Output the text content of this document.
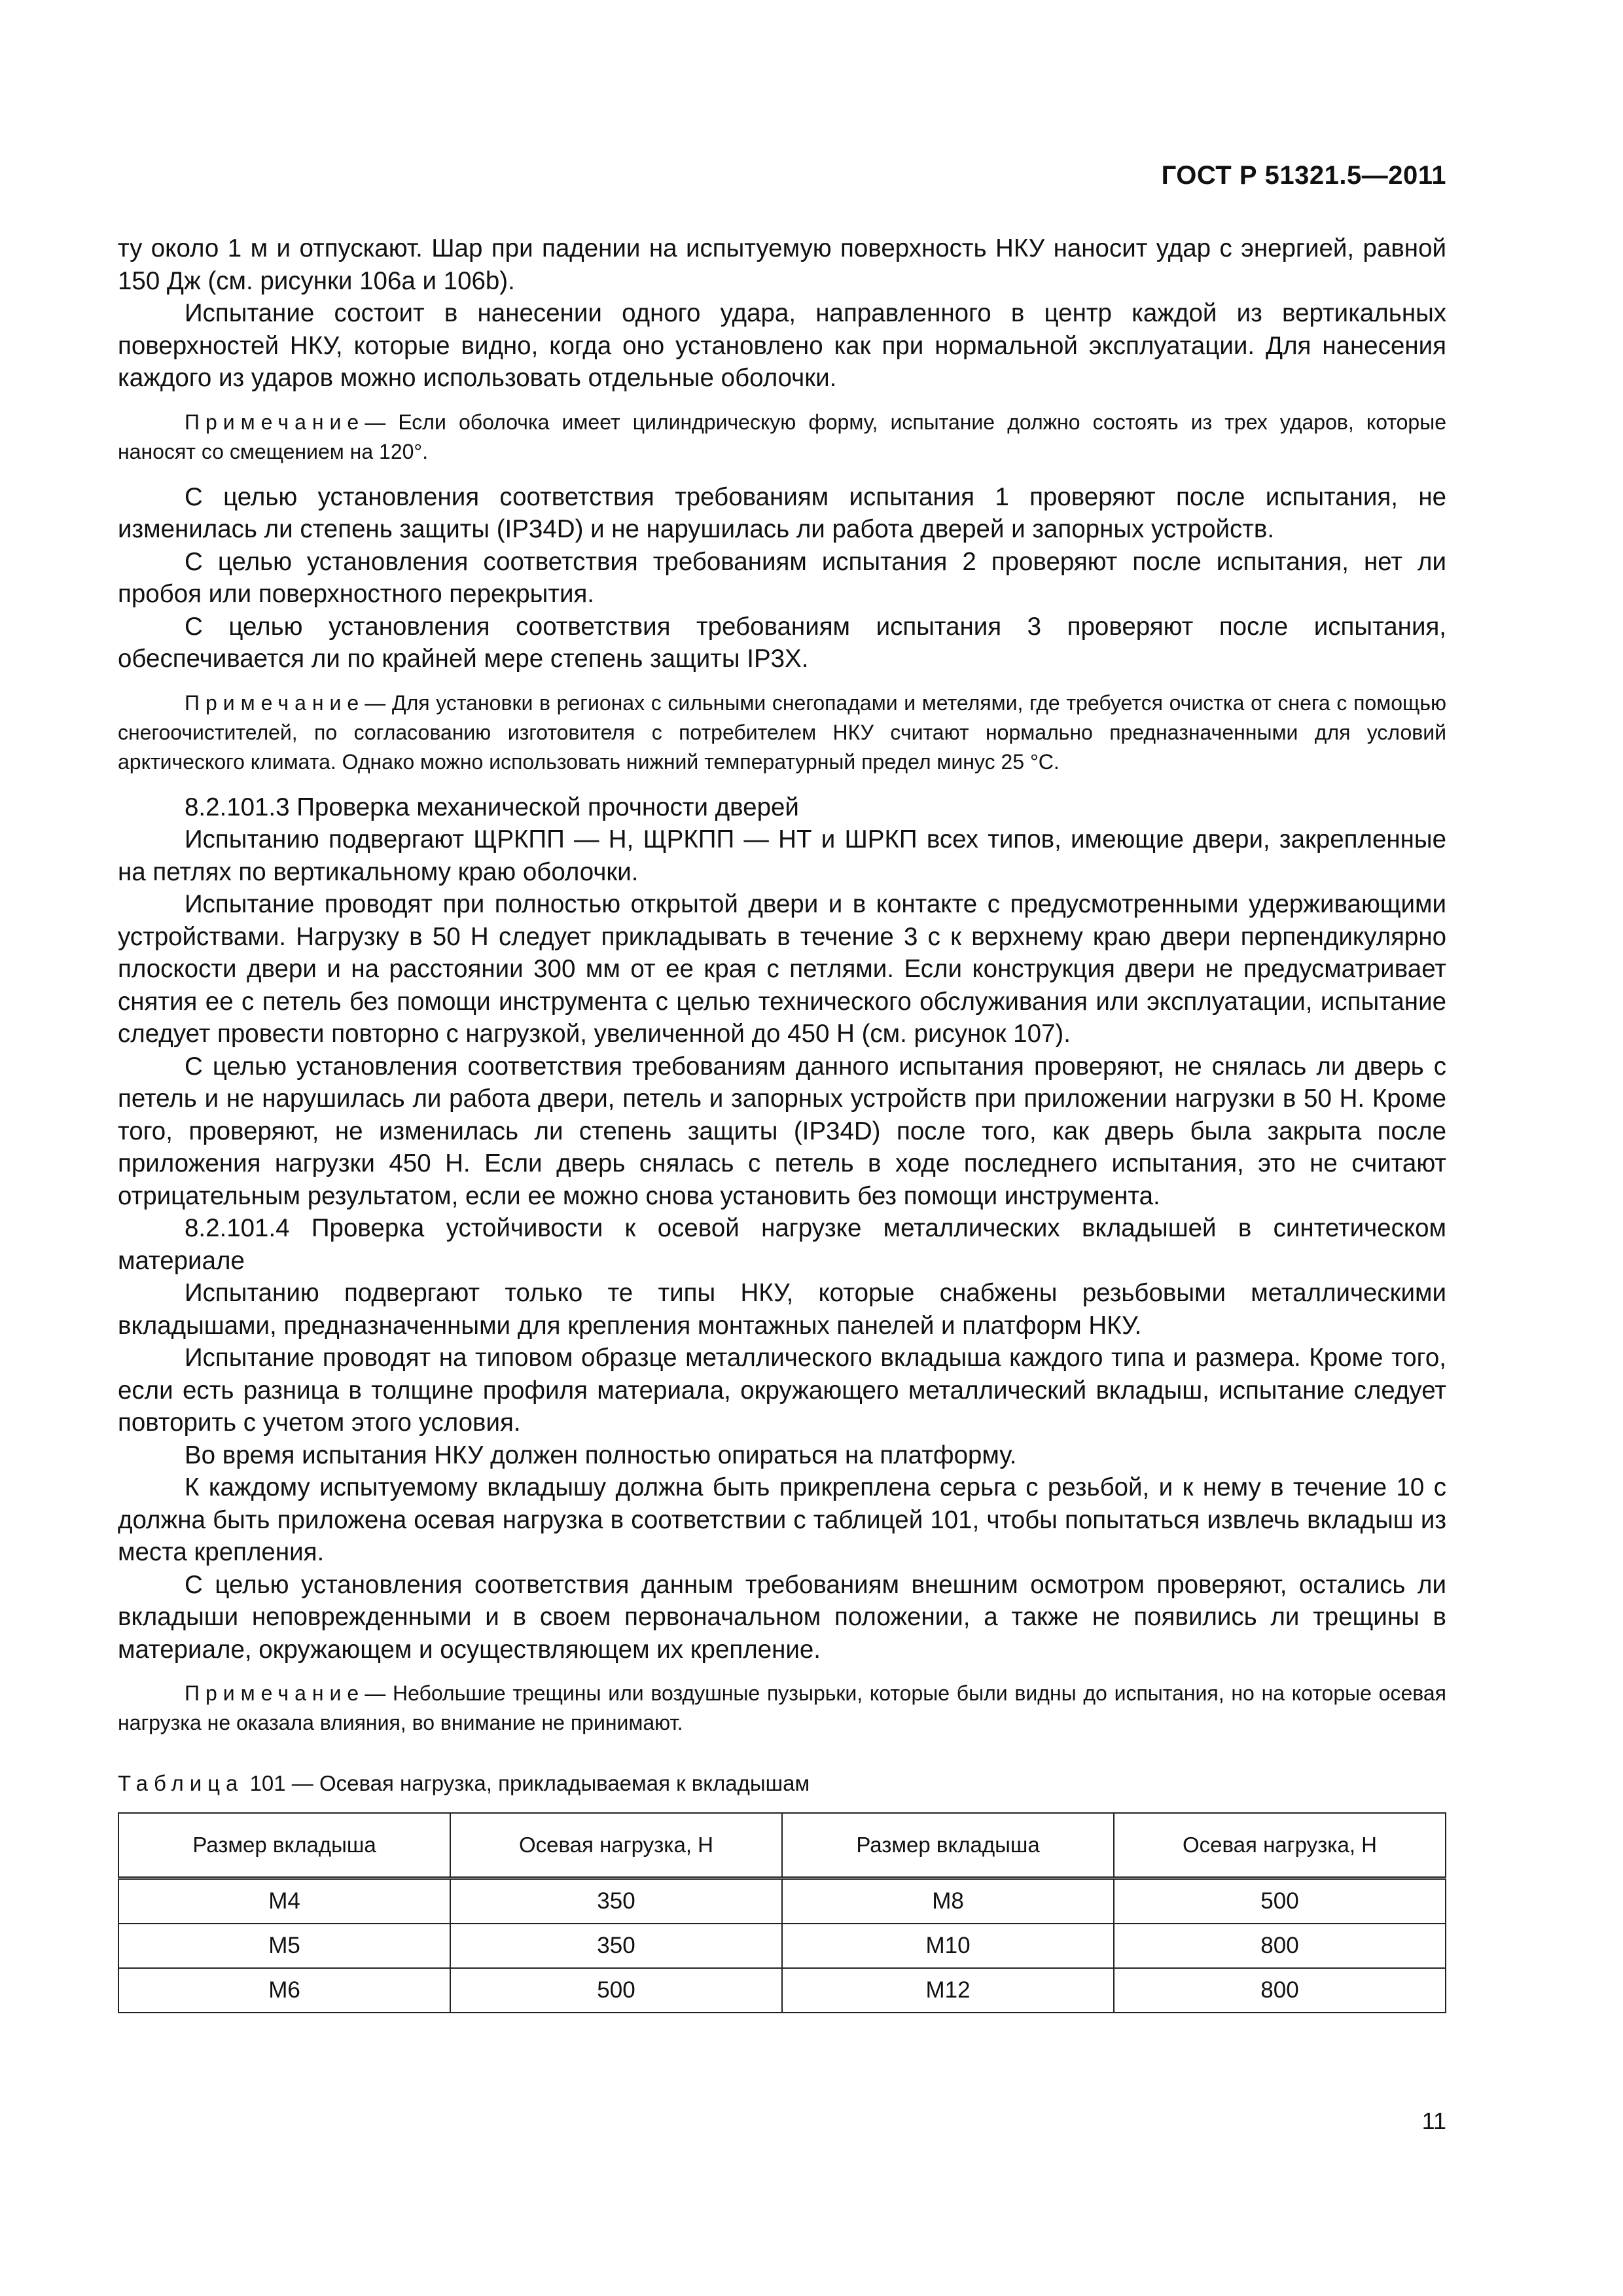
ГОСТ Р 51321.5—2011

ту около 1 м и отпускают. Шар при падении на испытуемую поверхность НКУ наносит удар с энергией, равной 150 Дж (см. рисунки 106а и 106b).

Испытание состоит в нанесении одного удара, направленного в центр каждой из вертикальных поверхностей НКУ, которые видно, когда оно установлено как при нормальной эксплуатации. Для нанесения каждого из ударов можно использовать отдельные оболочки.

Примечание— Если оболочка имеет цилиндрическую форму, испытание должно состоять из трех ударов, которые наносят со смещением на 120°.

С целью установления соответствия требованиям испытания 1 проверяют после испытания, не изменилась ли степень защиты (IP34D) и не нарушилась ли работа дверей и запорных устройств.

С целью установления соответствия требованиям испытания 2 проверяют после испытания, нет ли пробоя или поверхностного перекрытия.

С целью установления соответствия требованиям испытания 3 проверяют после испытания, обеспечивается ли по крайней мере степень защиты IP3X.

Примечание— Для установки в регионах с сильными снегопадами и метелями, где требуется очистка от снега с помощью снегоочистителей, по согласованию изготовителя с потребителем НКУ считают нормально предназначенными для условий арктического климата. Однако можно использовать нижний температурный предел минус 25 °С.

8.2.101.3 Проверка механической прочности дверей

Испытанию подвергают ЩРКПП — Н, ЩРКПП — НТ и ШРКП всех типов, имеющие двери, закрепленные на петлях по вертикальному краю оболочки.

Испытание проводят при полностью открытой двери и в контакте с предусмотренными удерживающими устройствами. Нагрузку в 50 Н следует прикладывать в течение 3 с к верхнему краю двери перпендикулярно плоскости двери и на расстоянии 300 мм от ее края с петлями. Если конструкция двери не предусматривает снятия ее с петель без помощи инструмента с целью технического обслуживания или эксплуатации, испытание следует провести повторно с нагрузкой, увеличенной до 450 Н (см. рисунок 107).

С целью установления соответствия требованиям данного испытания проверяют, не снялась ли дверь с петель и не нарушилась ли работа двери, петель и запорных устройств при приложении нагрузки в 50 Н. Кроме того, проверяют, не изменилась ли степень защиты (IP34D) после того, как дверь была закрыта после приложения нагрузки 450 Н. Если дверь снялась с петель в ходе последнего испытания, это не считают отрицательным результатом, если ее можно снова установить без помощи инструмента.

8.2.101.4 Проверка устойчивости к осевой нагрузке металлических вкладышей в синтетическом материале

Испытанию подвергают только те типы НКУ, которые снабжены резьбовыми металлическими вкладышами, предназначенными для крепления монтажных панелей и платформ НКУ.

Испытание проводят на типовом образце металлического вкладыша каждого типа и размера. Кроме того, если есть разница в толщине профиля материала, окружающего металлический вкладыш, испытание следует повторить с учетом этого условия.

Во время испытания НКУ должен полностью опираться на платформу.

К каждому испытуемому вкладышу должна быть прикреплена серьга с резьбой, и к нему в течение 10 с должна быть приложена осевая нагрузка в соответствии с таблицей 101, чтобы попытаться извлечь вкладыш из места крепления.

С целью установления соответствия данным требованиям внешним осмотром проверяют, остались ли вкладыши неповрежденными и в своем первоначальном положении, а также не появились ли трещины в материале, окружающем и осуществляющем их крепление.

Примечание— Небольшие трещины или воздушные пузырьки, которые были видны до испытания, но на которые осевая нагрузка не оказала влияния, во внимание не принимают.

Таблица 101 — Осевая нагрузка, прикладываемая к вкладышам

Размер вкладыша	Осевая нагрузка, Н	Размер вкладыша	Осевая нагрузка, Н
М4	350	М8	500
М5	350	М10	800
М6	500	М12	800
11
